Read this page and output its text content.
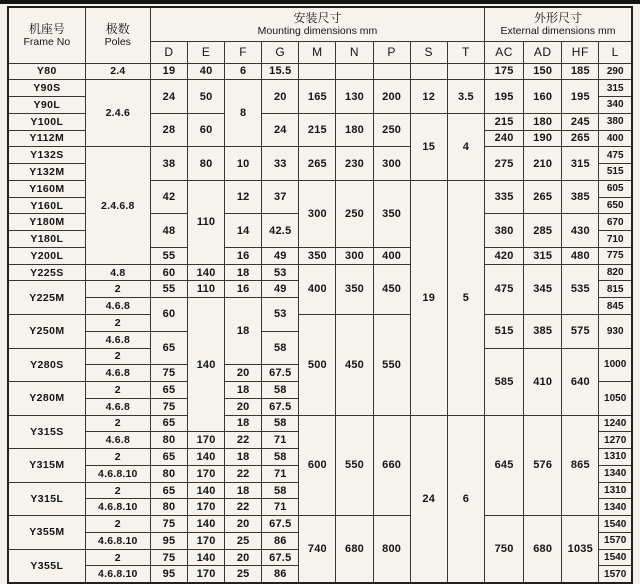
机座号
Frame No

极数
Poles

安装尺寸
Mounting dimensions mm

外形尺寸
External dimensions mm

		D	E	F	G	M	N	P	S	T	AC	AD	HF	L
Y80	2.4	19	40	6	15.5						175	150	185	290
Y90S	2.4.6	24	50	8	20	165	130	200	12	3.5	195	160	195	315
Y90L														340
Y100L		28	60		24	215	180	250	15	4	215	180	245	380
Y112M											240	190	265	400
Y132S	2.4.6.8	38	80	10	33	265	230	300			275	210	315	475
Y132M														515
Y160M		42	110	12	37	300	250	350	19	5	335	265	385	605
Y160L														650
Y180M		48		14	42.5						380	285	430	670
Y180L														710
Y200L		55		16	49	350	300	400			420	315	480	775
Y225S	4.8	60	140	18	53	400	350	450			475	345	535	820
Y225M	2	55	110	16	49									815
	4.6.8	60	140	18	53									845
Y250M	2					500	450	550			515	385	575	930
	4.6.8	65			58									
Y280S	2										585	410	640	1000
	4.6.8	75		20	67.5									
Y280M	2	65		18	58									1050
	4.6.8	75		20	67.5									
Y315S	2	65		18	58	600	550	660	24	6	645	576	865	1240
	4.6.8	80	170	22	71									1270
Y315M	2	65	140	18	58									1310
	4.6.8.10	80	170	22	71									1340
Y315L	2	65	140	18	58									1310
	4.6.8.10	80	170	22	71									1340
Y355M	2	75	140	20	67.5	740	680	800			750	680	1035	1540
	4.6.8.10	95	170	25	86									1570
Y355L	2	75	140	20	67.5									1540
	4.6.8.10	95	170	25	86									1570
